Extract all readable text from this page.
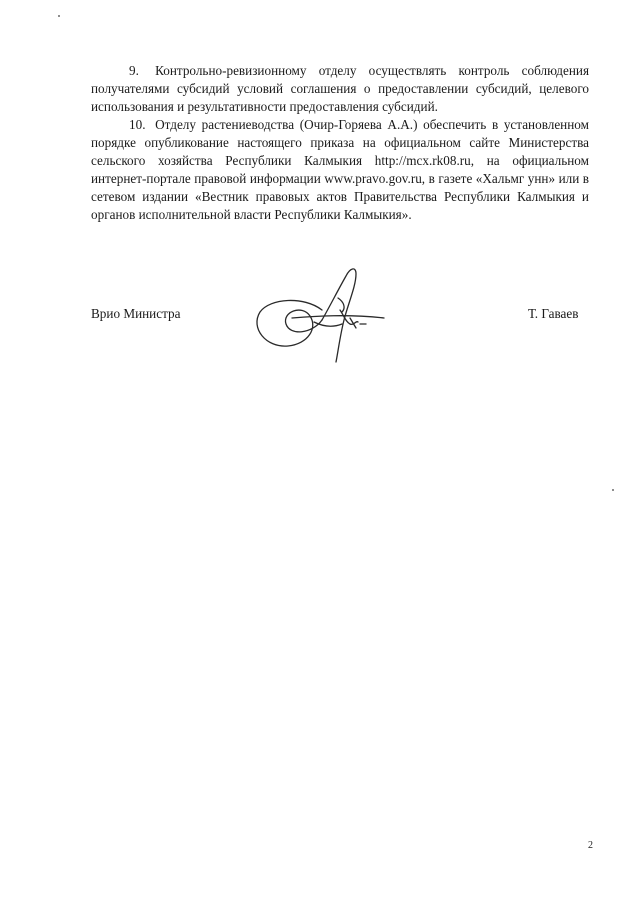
9. Контрольно-ревизионному отделу осуществлять контроль соблюдения получателями субсидий условий соглашения о предоставлении субсидий, целевого использования и результативности предоставления субсидий.

10. Отделу растениеводства (Очир-Горяева А.А.) обеспечить в установленном порядке опубликование настоящего приказа на официальном сайте Министерства сельского хозяйства Республики Калмыкия http://mcx.rk08.ru, на официальном интернет-портале правовой информации www.pravo.gov.ru, в газете «Хальмг унн» или в сетевом издании «Вестник правовых актов Правительства Республики Калмыкия и органов исполнительной власти Республики Калмыкия».

Врио Министра	Т. Гаваев
2
